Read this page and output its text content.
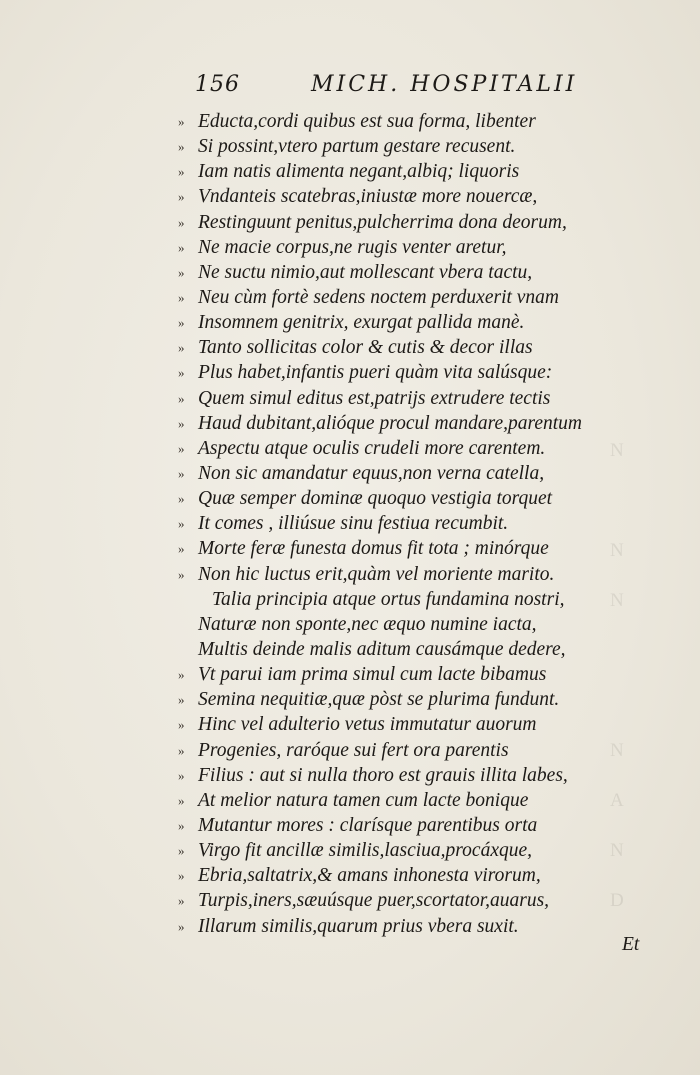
156	MICH. HOSPITALII
» Educta,cordi quibus est sua forma, libenter
» Si possint,vtero partum gestare recusent.
» Iam natis alimenta negant,albiq; liquoris
» Vndanteis scatebras,iniustæ more nouercæ,
» Restinguunt penitus,pulcherrima dona deorum,
» Ne macie corpus,ne rugis venter aretur,
» Ne suctu nimio,aut mollescant vbera tactu,
» Neu cùm fortè sedens noctem perduxerit vnam
» Insomnem genitrix, exurgat pallida manè.
» Tanto sollicitas color & cutis & decor illas
» Plus habet,infantis pueri quàm vita salúsque:
» Quem simul editus est,patrijs extrudere tectis
» Haud dubitant,alióque procul mandare,parentum
» Aspectu atque oculis crudeli more carentem.
» Non sic amandatur equus,non verna catella,
» Quæ semper dominæ quoquo vestigia torquet
» It comes , illiúsue sinu festiua recumbit.
» Morte feræ funesta domus fit tota ; minórque
» Non hic luctus erit,quàm vel moriente marito.
Talia principia atque ortus fundamina nostri,
Naturæ non sponte,nec æquo numine iacta,
Multis deinde malis aditum causámque dedere,
» Vt parui iam prima simul cum lacte bibamus
» Semina nequitiæ,quæ pòst se plurima fundunt.
» Hinc vel adulterio vetus immutatur auorum
» Progenies, raróque sui fert ora parentis
» Filius : aut si nulla thoro est grauis illita labes,
» At melior natura tamen cum lacte bonique
» Mutantur mores : clarísque parentibus orta
» Virgo fit ancillæ similis,lasciua,procáxque,
» Ebria,saltatrix,& amans inhonesta virorum,
» Turpis,iners,sæuúsque puer,scortator,auarus,
» Illarum similis,quarum prius vbera suxit.
Et
N
N
N
N
A
N
D
